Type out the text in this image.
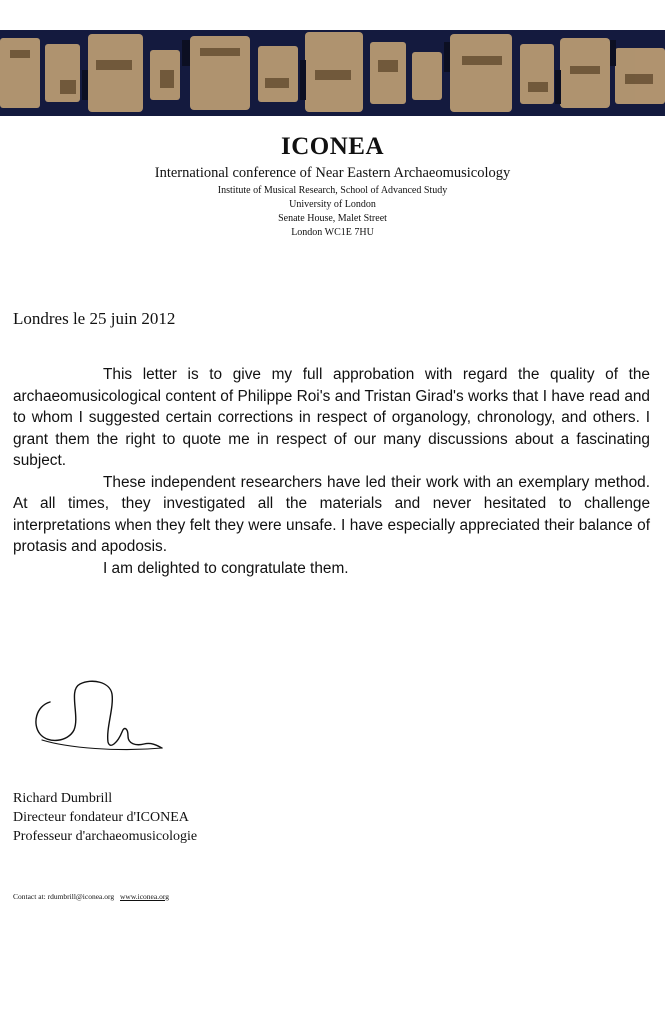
ICONEA
International conference of Near Eastern Archaeomusicology
Institute of Musical Research, School of Advanced Study
University of London
Senate House, Malet Street
London WC1E 7HU
Londres le 25 juin 2012

This letter is to give my full approbation with regard the quality of the archaeomusicological content of Philippe Roi's and Tristan Girad's works that I have read and to whom I suggested certain corrections in respect of organology, chronology, and others. I grant them the right to quote me in respect of our many discussions about a fascinating subject.

These independent researchers have led their work with an exemplary method. At all times, they investigated all the materials and never hesitated to challenge interpretations when they felt they were unsafe. I have especially appreciated their balance of protasis and apodosis.

I am delighted to congratulate them.

Richard Dumbrill
Directeur fondateur d'ICONEA
Professeur d'archaeomusicologie
Contact at: rdumbrill@iconea.org www.iconea.org
